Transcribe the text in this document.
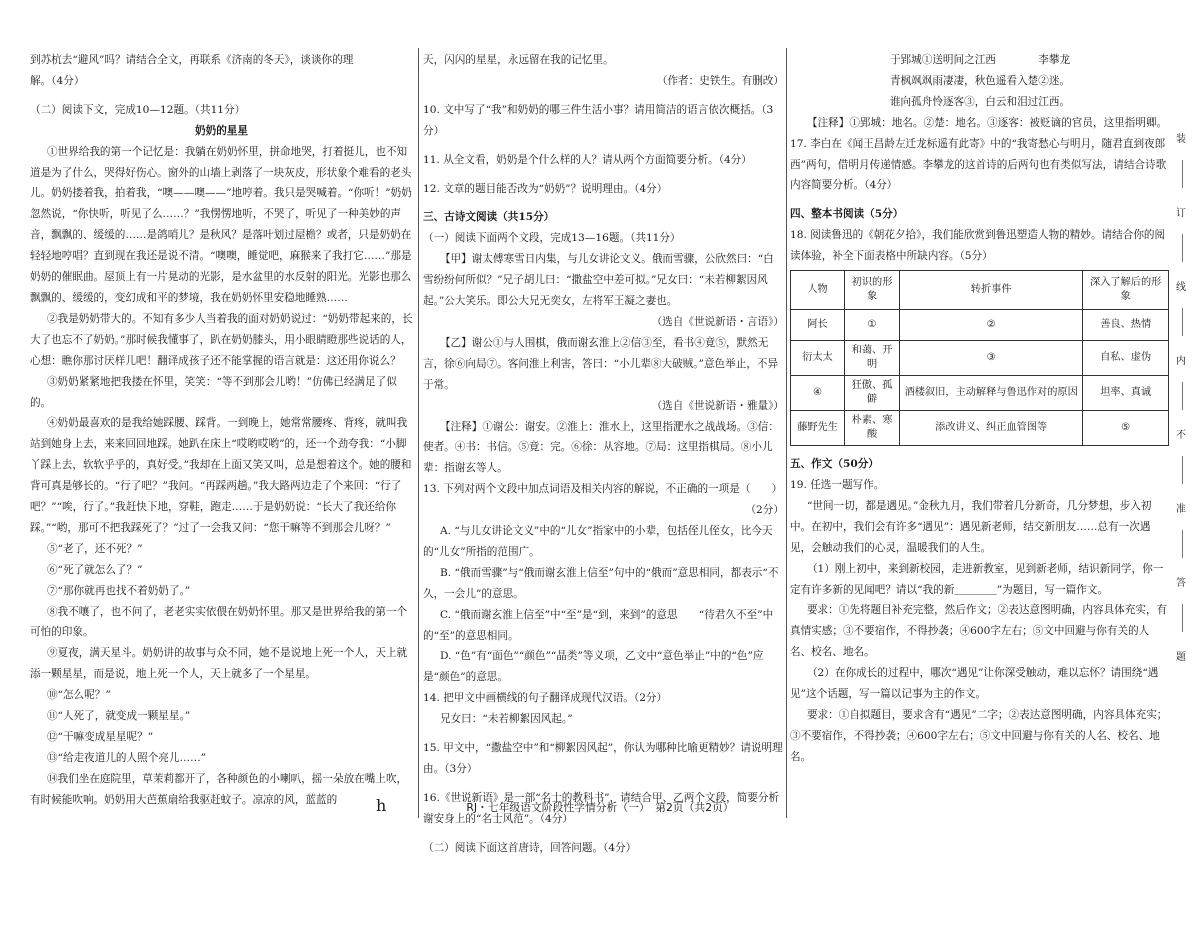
到苏杭去“避风”吗？请结合全文，再联系《济南的冬天》，谈谈你的理

解。（4分）

（二）阅读下文，完成10—12题。（共11分）

奶奶的星星

①世界给我的第一个记忆是：我躺在奶奶怀里，拼命地哭，打着挺儿，也不知道是为了什么，哭得好伤心。窗外的山墙上剥落了一块灰皮，形状象个难看的老头儿。奶奶搂着我，拍着我，“噢——噢——”地哼着。我只是哭喊着。“你听！”奶奶忽然说，“你快听，听见了么……？”我愣愣地听，不哭了，听见了一种美妙的声音，飘飘的、缓缓的……是鸽哨儿？是秋风？是落叶划过屋檐？或者，只是奶奶在轻轻地哼唱？直到现在我还是说不清。“噢噢，睡觉吧，麻猴来了我打它……”那是奶奶的催眠曲。屋顶上有一片晃动的光影，是水盆里的水反射的阳光。光影也那么飘飘的、缓缓的，变幻成和平的梦境，我在奶奶怀里安稳地睡熟……

②我是奶奶带大的。不知有多少人当着我的面对奶奶说过：“奶奶带起来的，长大了也忘不了奶奶。”那时候我懂事了，趴在奶奶膝头，用小眼睛瞪那些说话的人，心想：瞧你那讨厌样儿吧！翻译成孩子还不能掌握的语言就是：这还用你说么？

③奶奶紧紧地把我搂在怀里，笑笑：“等不到那会儿哟！”仿佛已经满足了似的。

④奶奶最喜欢的是我给她踩腰、踩背。一到晚上，她常常腰疼、背疼，就叫我站到她身上去，来来回回地踩。她趴在床上“哎哟哎哟”的，还一个劲夸我：“小脚丫踩上去，软软乎乎的，真好受。”我却在上面又笑又叫，总是想着这个。她的腰和背可真是够长的。“行了吧？”我问。“再踩两趟。”我大路两边走了个来回：“行了吧？”“唉，行了。”我赶快下地，穿鞋，跑走……于是奶奶说：“长大了我还给你踩。”“哟，那可不把我踩死了？”过了一会我又问：“您干嘛等不到那会儿呀？”

⑤“老了，还不死？”

⑥“死了就怎么了？”

⑦“那你就再也找不着奶奶了。”

⑧我不嚷了，也不问了，老老实实依偎在奶奶怀里。那又是世界给我的第一个可怕的印象。

⑨夏夜，满天星斗。奶奶讲的故事与众不同，她不是说地上死一个人，天上就添一颗星星，而是说，地上死一个人，天上就多了一个星星。

⑩“怎么呢？”

⑪“人死了，就变成一颗星星。”

⑫“干嘛变成星星呢？”

⑬“给走夜道儿的人照个亮儿……”

⑭我们坐在庭院里，草茉莉都开了，各种颜色的小喇叭，摇一朵放在嘴上吹，有时候能吹响。奶奶用大芭蕉扇给我驱赶蚊子。凉凉的风，蓝蓝的

天，闪闪的星星，永远留在我的记忆里。

（作者：史铁生。有删改）

10. 文中写了“我”和奶奶的哪三件生活小事？请用简洁的语言依次概括。（3分）

11. 从全文看，奶奶是个什么样的人？请从两个方面简要分析。（4分）

12. 文章的题目能否改为“奶奶”？说明理由。（4分）

三、古诗文阅读（共15分）

（一）阅读下面两个文段，完成13—16题。（共11分）

【甲】谢太傅寒雪日内集，与儿女讲论文义。俄而雪骤，公欣然曰：“白雪纷纷何所似？”兄子胡儿曰：“撒盐空中差可拟。”兄女曰：“未若柳絮因风起。”公大笑乐。即公大兄无奕女，左将军王凝之妻也。

（选自《世说新语・言语》）

【乙】谢公①与人围棋，俄而谢玄淮上②信③至，看书④竟⑤，默然无言，徐⑥向局⑦。客问淮上利害，答曰：“小儿辈⑧大破贼。”意色举止，不异于常。

（选自《世说新语・雅量》）

【注释】①谢公：谢安。②淮上：淮水上，这里指淝水之战战场。③信：使者。④书：书信。⑤竟：完。⑥徐：从容地。⑦局：这里指棋局。⑧小儿辈：指谢玄等人。

13. 下列对两个文段中加点词语及相关内容的解说，不正确的一项是（　　）

（2分）

A. “与儿女讲论文义”中的“儿女”指家中的小辈，包括侄儿侄女，比今天的“儿女”所指的范围广。

B. “俄而雪骤”与“俄而谢玄淮上信至”句中的“俄而”意思相同，都表示“不久，一会儿”的意思。

C. “俄而谢玄淮上信至”中“至”是“到，来到”的意思　　“待君久不至”中的“至”的意思相同。

D. “色”有“面色”“颜色”“晶类”等义项，乙文中“意色举止”中的“色”应是“颜色”的意思。

14. 把甲文中画横线的句子翻译成现代汉语。（2分）

兄女曰：“未若柳絮因风起。”

15. 甲文中，“撒盐空中”和“柳絮因风起”，你认为哪种比喻更精妙？请说明理由。（3分）

16.《世说新语》是一部“名士的教科书”，请结合甲、乙两个文段，简要分析谢安身上的“名士风范”。（4分）

（二）阅读下面这首唐诗，回答问题。（4分）

于郢城①送明间之江西　　　　李攀龙

青枫飒飒雨凄凄，秋色遥看入楚②迷。

谁向孤舟怜逐客③，白云和泪过江西。

【注释】①郢城：地名。②楚：地名。③逐客：被贬谪的官员，这里指明卿。

17. 李白在《闻王昌龄左迁龙标遥有此寄》中的“我寄愁心与明月，随君直到夜郎西”两句，借明月传递情感。李攀龙的这首诗的后两句也有类似写法，请结合诗歌内容简要分析。（4分）

四、整本书阅读（5分）

18. 阅读鲁迅的《朝花夕拾》，我们能欣赏到鲁迅塑造人物的精妙。请结合你的阅读体验，补全下面表格中所缺内容。（5分）

人物	初识的形象	转折事件	深入了解后的形象
阿长	①	②	善良、热情
衍太太	和蔼、开明	③	自私、虚伪
④	狂傲、孤僻	酒楼叙旧，主动解释与鲁迅作对的原因	坦率、真诚
藤野先生	朴素、寒酸	添改讲义、纠正血管图等	⑤

五、作文（50分）

19. 任选一题写作。

“世间一切，都是遇见。”金秋九月，我们带着几分新奇，几分梦想，步入初中。在初中，我们会有许多“遇见”：遇见新老师，结交新朋友……总有一次遇见，会触动我们的心灵，温暖我们的人生。

（1）刚上初中，来到新校园，走进新教室，见到新老师，结识新同学，你一定有许多新的见闻吧？请以“我的新＿＿＿＿”为题目，写一篇作文。

要求：①先将题目补充完整，然后作文；②表达意图明确，内容具体充实，有真情实感；③不要宿作，不得抄袭；④600字左右；⑤文中回避与你有关的人名、校名、地名。

（2）在你成长的过程中，哪次“遇见”让你深受触动，难以忘怀？请围绕“遇见”这个话题，写一篇以记事为主的作文。

要求：①自拟题目，要求含有“遇见”二字；②表达意图明确，内容具体充实；③不要宿作，不得抄袭；④600字左右；⑤文中回避与你有关的人名、校名、地名。

装
订
线
内
不
准
答
题
h	RJ・七年级语文阶段性学情分析（一）　第2页（共2页）
